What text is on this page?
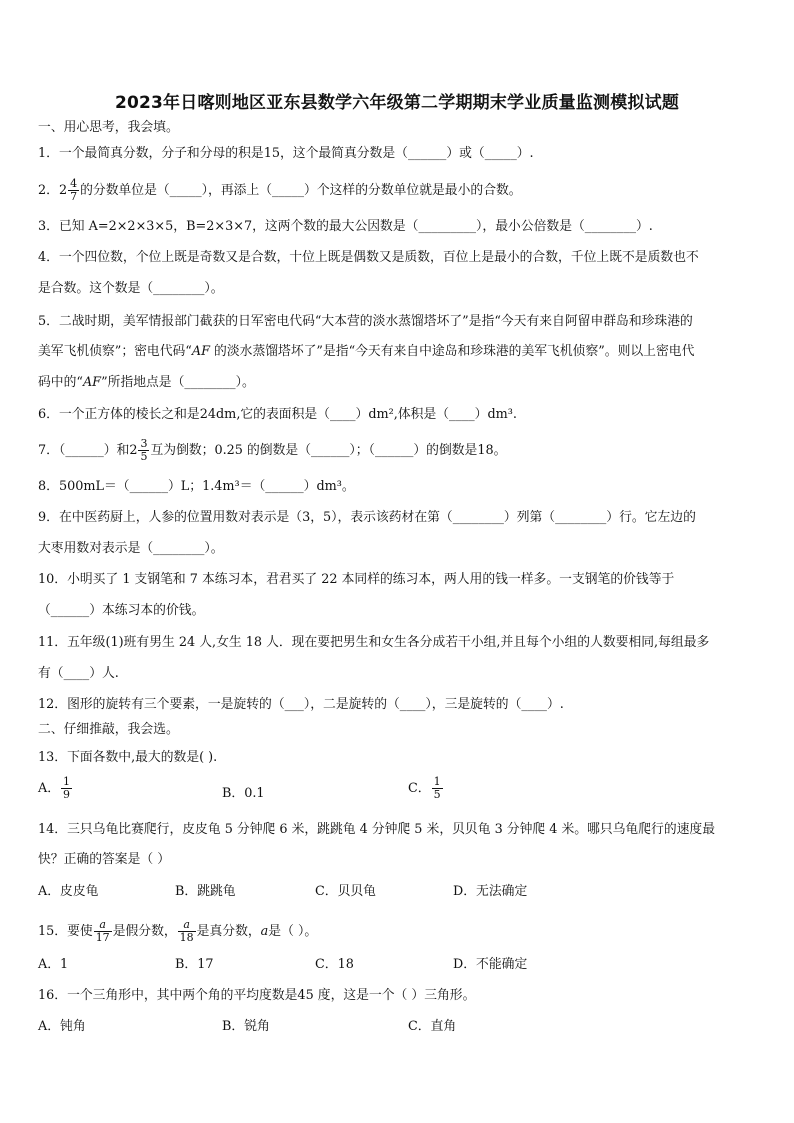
2023年日喀则地区亚东县数学六年级第二学期期末学业质量监测模拟试题
一、用心思考，我会填。
1．一个最简真分数，分子和分母的积是15，这个最简真分数是（______）或（_____）.
2．$2 \frac{4}{7}$ 的分数单位是（_____），再添上（_____）个这样的分数单位就是最小的合数。
3．已知 A=2×2×3×5，B=2×3×7，这两个数的最大公因数是（_________），最小公倍数是（________）.
4．一个四位数，个位上既是奇数又是合数，十位上既是偶数又是质数，百位上是最小的合数，千位上既不是质数也不
是合数。这个数是（________）。
5．二战时期，美军情报部门截获的日军密电代码“大本营的淡水蒸馏塔坏了”是指“今天有来自阿留申群岛和珍珠港的
美军飞机侦察”；密电代码“AF 的淡水蒸馏塔坏了”是指“今天有来自中途岛和珍珠港的美军飞机侦察”。则以上密电代
码中的“AF”所指地点是（________）。
6．一个正方体的棱长之和是24dm,它的表面积是（____）dm²,体积是（____）dm³.
7．（______）和$2 \frac{3}{5}$ 互为倒数；0.25 的倒数是（______）；（______）的倒数是18。
8．500mL＝（______）L；1.4m³＝（______）dm³。
9．在中医药厨上，人参的位置用数对表示是（3，5），表示该药材在第（________）列第（________）行。它左边的
大枣用数对表示是（________）。
10．小明买了 1 支钢笔和 7 本练习本，君君买了 22 本同样的练习本，两人用的钱一样多。一支钢笔的价钱等于
（______）本练习本的价钱。
11．五年级(1)班有男生 24 人,女生 18 人．现在要把男生和女生各分成若干小组,并且每个小组的人数要相同,每组最多
有（____）人.
12．图形的旋转有三个要素，一是旋转的（___），二是旋转的（____），三是旋转的（____）.
二、仔细推敲，我会选。
13．下面各数中,最大的数是( ).
A． $\frac{1}{9}$	B．0.1	C． $\frac{1}{5}$
14．三只乌龟比赛爬行，皮皮龟 5 分钟爬 6 米，跳跳龟 4 分钟爬 5 米，贝贝龟 3 分钟爬 4 米。哪只乌龟爬行的速度最
快？正确的答案是（ ）
A．皮皮龟	B．跳跳龟	C．贝贝龟	D．无法确定
15．要使 $\frac{a}{17}$ 是假分数， $\frac{a}{18}$ 是真分数，a是（ ）。
A．1	B．17	C．18	D．不能确定
16．一个三角形中，其中两个角的平均度数是45 度，这是一个（ ）三角形。
A．钝角	B．锐角	C．直角
